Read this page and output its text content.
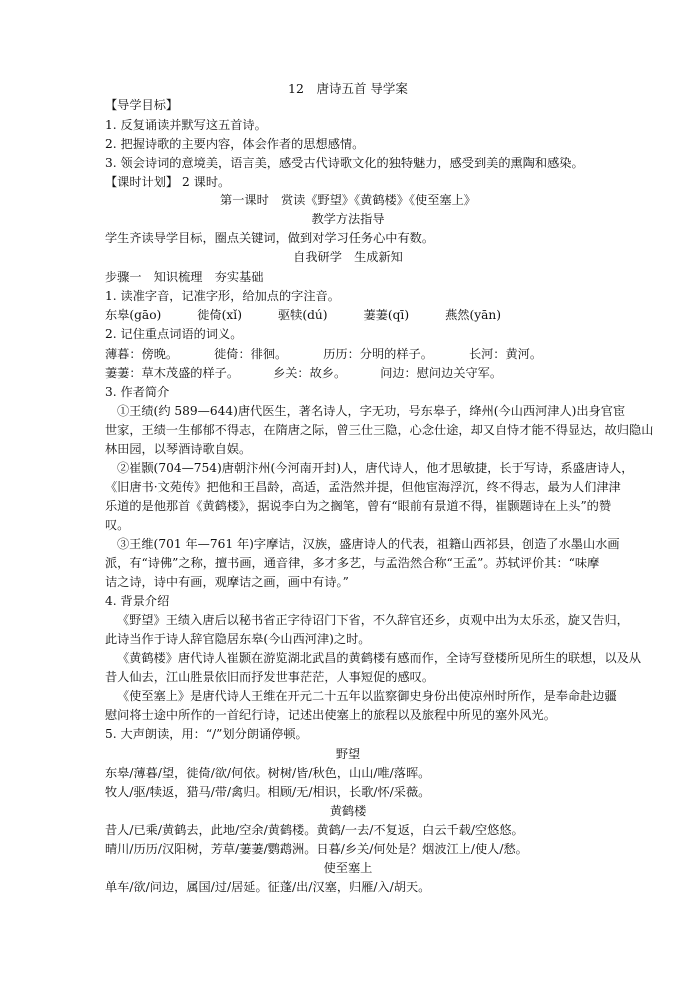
12　唐诗五首 导学案
【导学目标】
1. 反复诵读并默写这五首诗。
2. 把握诗歌的主要内容，体会作者的思想感情。
3. 领会诗词的意境美，语言美，感受古代诗歌文化的独特魅力，感受到美的熏陶和感染。
【课时计划】 2 课时。
第一课时　赏读《野望》《黄鹤楼》《使至塞上》
教学方法指导
学生齐读导学目标，圈点关键词，做到对学习任务心中有数。
自我研学　生成新知
步骤一　知识梳理　夯实基础
1. 读准字音，记准字形，给加点的字注音。
东皋(gāo)	徙倚(xǐ)	驱犊(dú)	萋萋(qī)	燕然(yān)
2. 记住重点词语的词义。
薄暮：傍晚。	徙倚：徘徊。	历历：分明的样子。	长河：黄河。
萋萋：草木茂盛的样子。	乡关：故乡。	问边：慰问边关守军。
3. 作者简介
①王绩(约 589—644)唐代医生，著名诗人，字无功，号东皋子，绛州(今山西河津人)出身官宦
世家，王绩一生郁郁不得志，在隋唐之际，曾三仕三隐，心念仕途，却又自恃才能不得显达，故归隐山
林田园，以琴酒诗歌自娱。
②崔颢(704—754)唐朝汴州(今河南开封)人，唐代诗人，他才思敏捷，长于写诗，系盛唐诗人，
《旧唐书·文苑传》把他和王昌龄，高适，孟浩然并提，但他宦海浮沉，终不得志，最为人们津津
乐道的是他那首《黄鹤楼》，据说李白为之搁笔，曾有“眼前有景道不得，崔颢题诗在上头”的赞
叹。
③王维(701 年—761 年)字摩诘，汉族，盛唐诗人的代表，祖籍山西祁县，创造了水墨山水画
派，有“诗佛”之称，擅书画，通音律，多才多艺，与孟浩然合称“王孟”。苏轼评价其：“味摩
诘之诗，诗中有画，观摩诘之画，画中有诗。”
4. 背景介绍
《野望》王绩入唐后以秘书省正字待诏门下省，不久辞官还乡，贞观中出为太乐丞，旋又告归，
此诗当作于诗人辞官隐居东皋(今山西河津)之时。
《黄鹤楼》唐代诗人崔颢在游览湖北武昌的黄鹤楼有感而作，全诗写登楼所见所生的联想，以及从
昔人仙去，江山胜景依旧而抒发世事茫茫，人事短促的感叹。
《使至塞上》是唐代诗人王维在开元二十五年以监察御史身份出使凉州时所作，是奉命赴边疆
慰问将士途中所作的一首纪行诗，记述出使塞上的旅程以及旅程中所见的塞外风光。
5. 大声朗读，用：“/”划分朗诵停顿。
野望
东皋/薄暮/望，徙倚/欲/何依。树树/皆/秋色，山山/唯/落晖。
牧人/驱/犊返，猎马/带/禽归。相顾/无/相识，长歌/怀/采薇。
黄鹤楼
昔人/已乘/黄鹤去，此地/空余/黄鹤楼。黄鹤/一去/不复返，白云千载/空悠悠。
晴川/历历/汉阳树，芳草/萋萋/鹦鹉洲。日暮/乡关/何处是？烟波江上/使人/愁。
使至塞上
单车/欲/问边，属国/过/居延。征蓬/出/汉塞，归雁/入/胡天。
